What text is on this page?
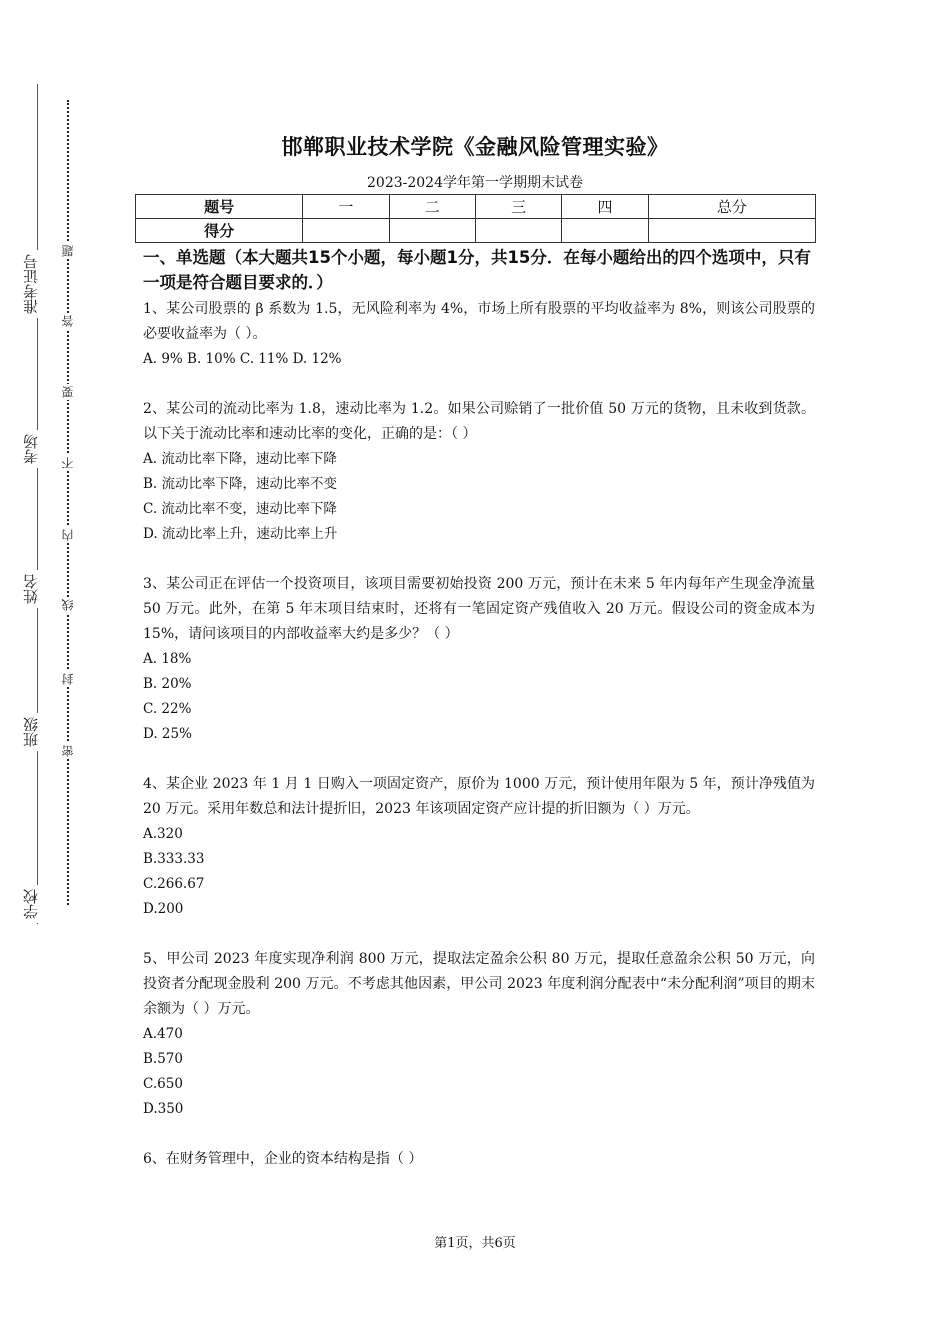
准考证号
考场
姓名
班级
学校
题
答
要
不
内
线
封
密
邯郸职业技术学院《金融风险管理实验》
2023-2024学年第一学期期末试卷
题号	一	二	三	四	总分
得分					

一、单选题（本大题共15个小题，每小题1分，共15分．在每小题给出的四个选项中，只有一项是符合题目要求的．）

1、某公司股票的 β 系数为 1.5，无风险利率为 4%，市场上所有股票的平均收益率为 8%，则该公司股票的必要收益率为（ ）。

A. 9% B. 10% C. 11% D. 12%

2、某公司的流动比率为 1.8，速动比率为 1.2。如果公司赊销了一批价值 50 万元的货物，且未收到货款。以下关于流动比率和速动比率的变化，正确的是：（ ）

A. 流动比率下降，速动比率下降

B. 流动比率下降，速动比率不变

C. 流动比率不变，速动比率下降

D. 流动比率上升，速动比率上升

3、某公司正在评估一个投资项目，该项目需要初始投资 200 万元，预计在未来 5 年内每年产生现金净流量 50 万元。此外，在第 5 年末项目结束时，还将有一笔固定资产残值收入 20 万元。假设公司的资金成本为 15%，请问该项目的内部收益率大约是多少？（ ）

A. 18%

B. 20%

C. 22%

D. 25%

4、某企业 2023 年 1 月 1 日购入一项固定资产，原价为 1000 万元，预计使用年限为 5 年，预计净残值为 20 万元。采用年数总和法计提折旧，2023 年该项固定资产应计提的折旧额为（ ）万元。

A.320

B.333.33

C.266.67

D.200

5、甲公司 2023 年度实现净利润 800 万元，提取法定盈余公积 80 万元，提取任意盈余公积 50 万元，向投资者分配现金股利 200 万元。不考虑其他因素，甲公司 2023 年度利润分配表中“未分配利润”项目的期末余额为（ ）万元。

A.470

B.570

C.650

D.350

6、在财务管理中，企业的资本结构是指（ ）

第1页，共6页
